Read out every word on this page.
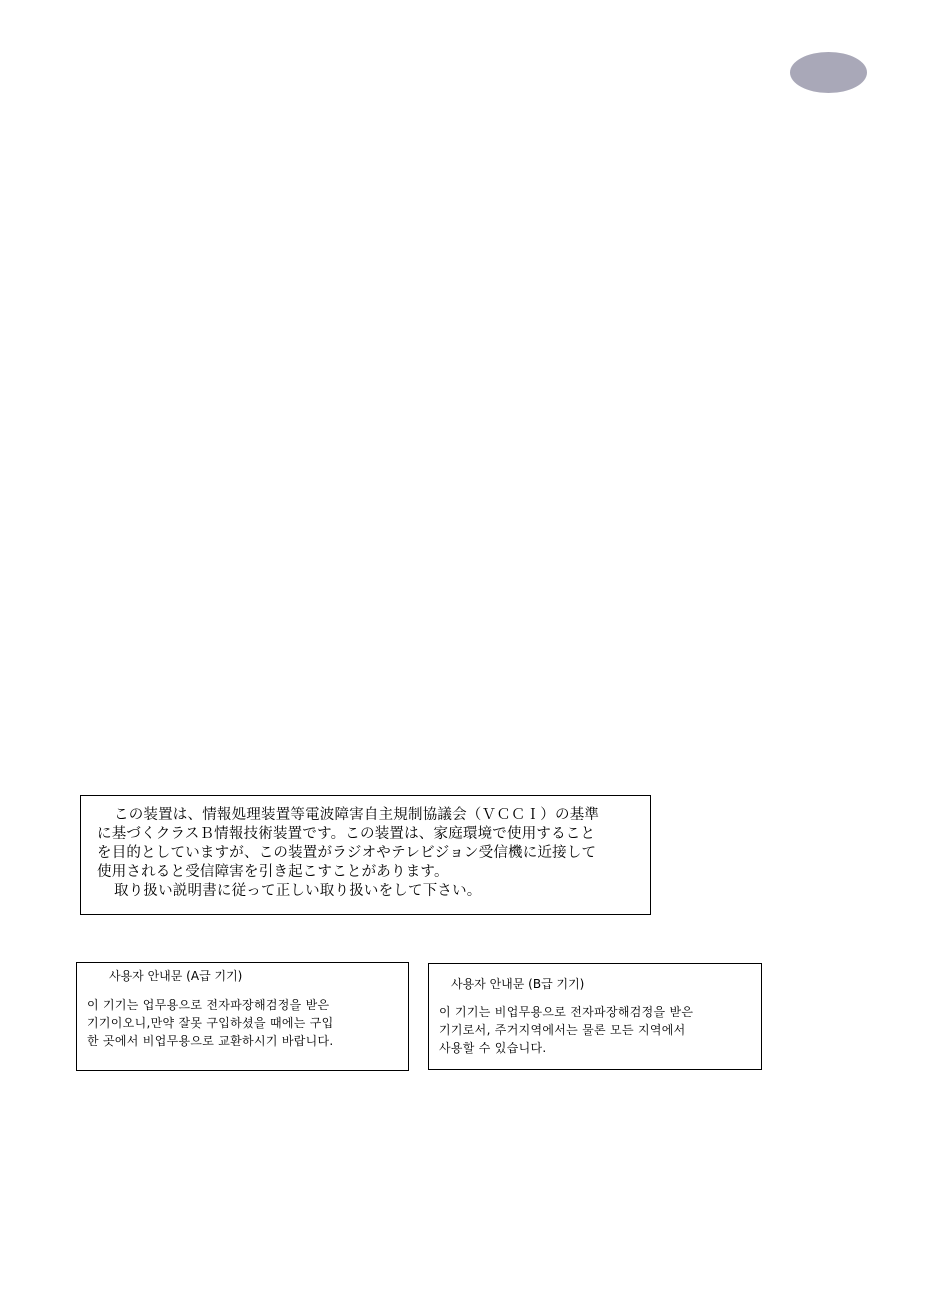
この装置は、情報処理装置等電波障害自主規制協議会（ＶＣＣＩ）の基準
に基づくクラスＢ情報技術装置です。この装置は、家庭環境で使用すること
を目的としていますが、この装置がラジオやテレビジョン受信機に近接して
使用されると受信障害を引き起こすことがあります。
取り扱い説明書に従って正しい取り扱いをして下さい。
사용자 안내문 (A급 기기)
이 기기는 업무용으로 전자파장해검정을 받은
기기이오니,만약 잘못 구입하셨을 때에는 구입
한 곳에서 비업무용으로 교환하시기 바랍니다.
사용자 안내문 (B급 기기)
이 기기는 비업무용으로 전자파장해검정을 받은
기기로서, 주거지역에서는 물론 모든 지역에서
사용할 수 있습니다.
